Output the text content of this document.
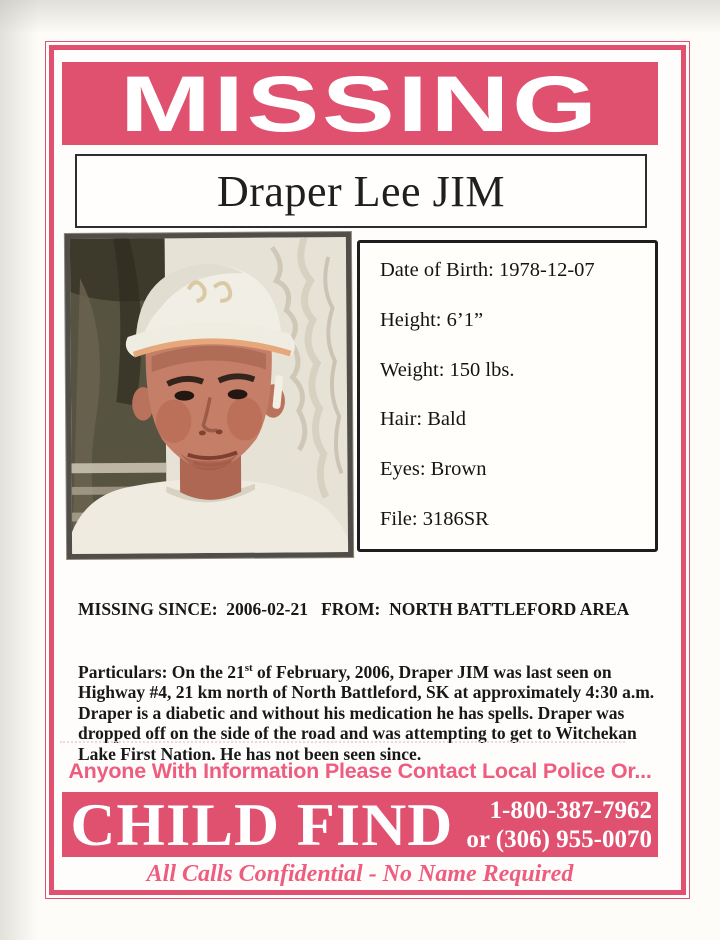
MISSING
Draper Lee JIM
Date of Birth: 1978-12-07
Height: 6’1”
Weight: 150 lbs.
Hair: Bald
Eyes: Brown
File: 3186SR
MISSING SINCE:  2006-02-21   FROM:  NORTH BATTLEFORD AREA

Particulars: On the 21st of February, 2006, Draper JIM was last seen on Highway #4, 21 km north of North Battleford, SK at approximately 4:30 a.m. Draper is a diabetic and without his medication he has spells. Draper was dropped off on the side of the road and was attempting to get to Witchekan Lake First Nation. He has not been seen since.

Anyone With Information Please Contact Local Police Or...
CHILD FIND	1-800-387-7962
or (306) 955-0070
All Calls Confidential - No Name Required
